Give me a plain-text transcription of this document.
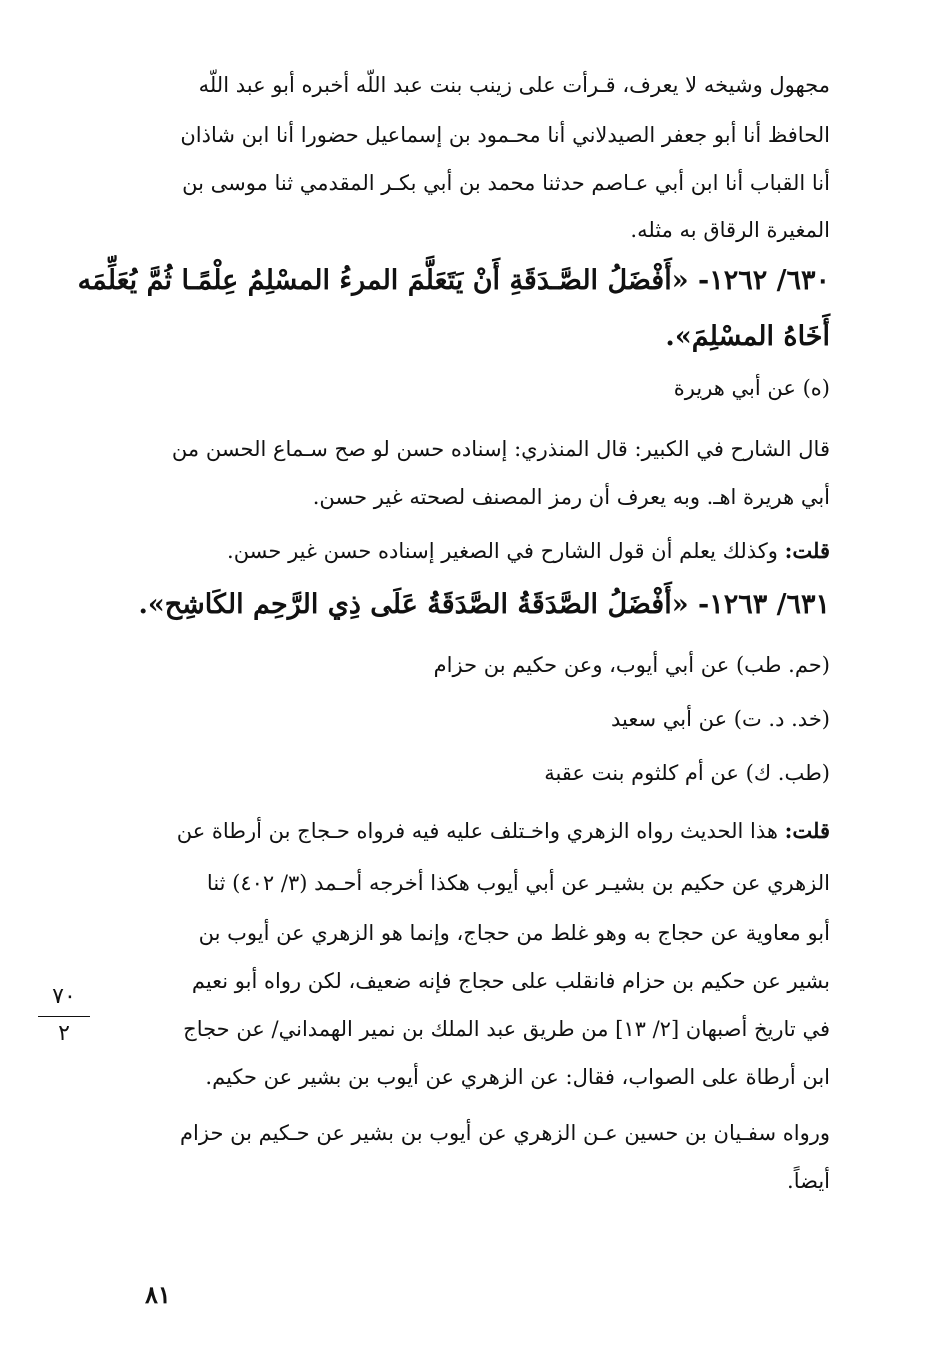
مجهول وشيخه لا يعرف، قـرأت على زينب بنت عبد اللّه أخبره أبو عبد اللّه
الحافظ أنا أبو جعفر الصيدلاني أنا محـمود بن إسماعيل حضورا أنا ابن شاذان
أنا القباب أنا ابن أبي عـاصم حدثنا محمد بن أبي بكـر المقدمي ثنا موسى بن
المغيرة الرقاق به مثله.
٦٣٠/ ١٢٦٢- «أَفْضَلُ الصَّـدَقَةِ أَنْ يَتَعَلَّمَ المرءُ المسْلِمُ عِلْمًـا ثُمَّ يُعَلِّمَه
أَخَاهُ المسْلِمَ».
(ه) عن أبي هريرة
قال الشارح في الكبير: قال المنذري: إسناده حسن لو صح سـماع الحسن من
أبي هريرة اهـ. وبه يعرف أن رمز المصنف لصحته غير حسن.
قلت: وكذلك يعلم أن قول الشارح في الصغير إسناده حسن غير حسن.
٦٣١/ ١٢٦٣- «أَفْضَلُ الصَّدَقَةُ الصَّدَقَةُ عَلَى ذِي الرَّحِم الكَاشِح».
(حم. طب) عن أبي أيوب، وعن حكيم بن حزام
(خد. د. ت) عن أبي سعيد
(طب. ك) عن أم كلثوم بنت عقبة
قلت: هذا الحديث رواه الزهري واخـتلف عليه فيه فرواه حـجاج بن أرطاة عن
الزهري عن حكيم بن بشيـر عن أبي أيوب هكذا أخرجه أحـمد (٣/ ٤٠٢) ثنا
أبو معاوية عن حجاج به وهو غلط من حجاج، وإنما هو الزهري عن أيوب بن
بشير عن حكيم بن حزام فانقلب على حجاج فإنه ضعيف، لكن رواه أبو نعيم
في تاريخ أصبهان [٢/ ١٣] من طريق عبد الملك بن نمير الهمداني/ عن حجاج
ابن أرطاة على الصواب، فقال: عن الزهري عن أيوب بن بشير عن حكيم.
ورواه سفـيان بن حسين عـن الزهري عن أيوب بن بشير عن حـكيم بن حزام
أيضاً.
٧٠
٢
٨١
